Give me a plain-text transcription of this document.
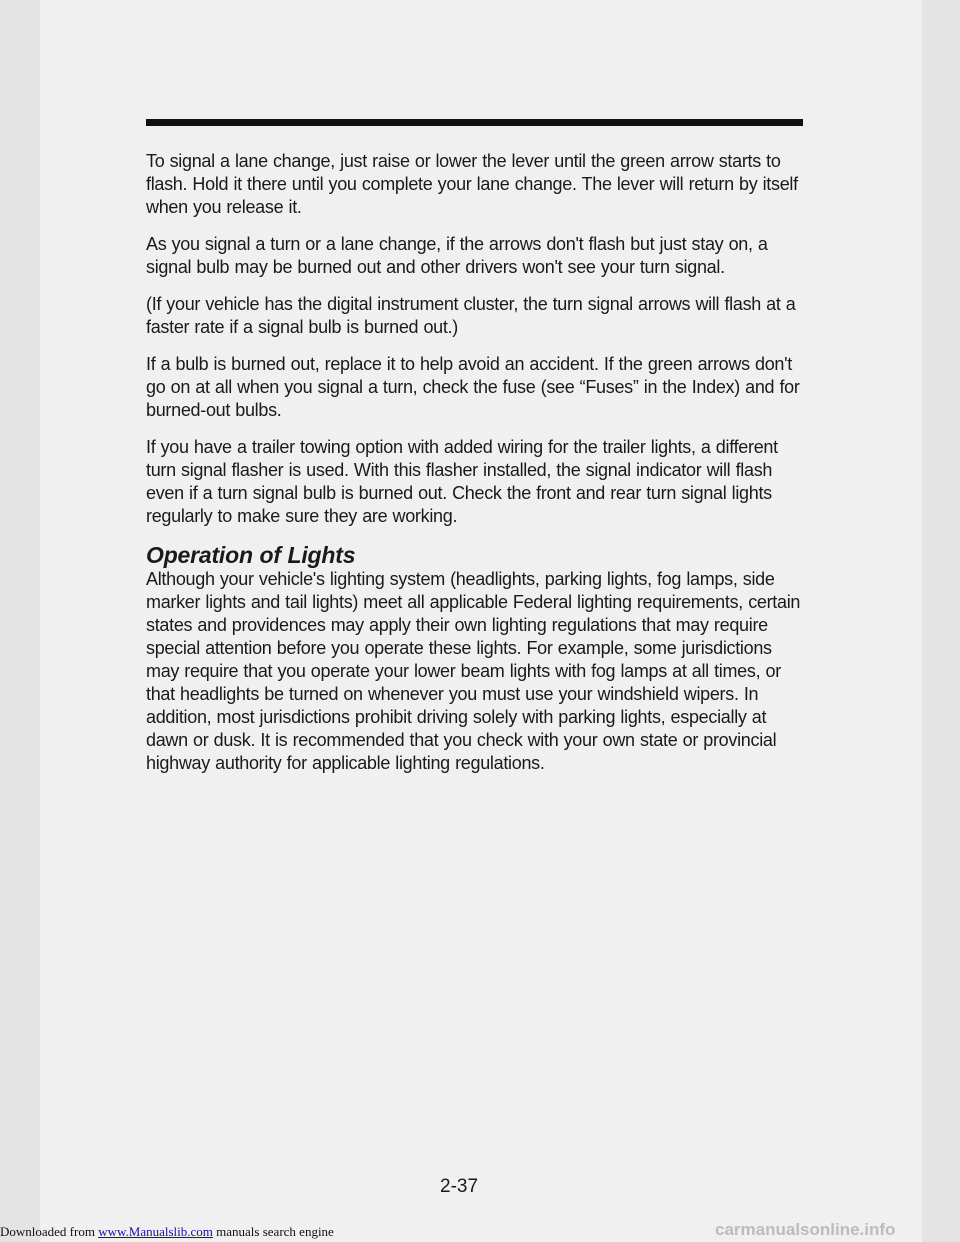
To signal a lane change, just raise or lower the lever until the green arrow starts to flash. Hold it there until you complete your lane change. The lever will return by itself when you release it.

As you signal a turn or a lane change, if the arrows don't flash but just stay on, a signal bulb may be burned out and other drivers won't see your turn signal.

(If your vehicle has the digital instrument cluster, the turn signal arrows will flash at a faster rate if a signal bulb is burned out.)

If a bulb is burned out, replace it to help avoid an accident. If the green arrows don't go on at all when you signal a turn, check the fuse (see “Fuses” in the Index) and for burned-out bulbs.

If you have a trailer towing option with added wiring for the trailer lights, a different turn signal flasher is used. With this flasher installed, the signal indicator will flash even if a turn signal bulb is burned out. Check the front and rear turn signal lights regularly to make sure they are working.

Operation of Lights

Although your vehicle's lighting system (headlights, parking lights, fog lamps, side marker lights and tail lights) meet all applicable Federal lighting requirements, certain states and providences may apply their own lighting regulations that may require special attention before you operate these lights. For example, some jurisdictions may require that you operate your lower beam lights with fog lamps at all times, or that headlights be turned on whenever you must use your windshield wipers. In addition, most jurisdictions prohibit driving solely with parking lights, especially at dawn or dusk. It is recommended that you check with your own state or provincial highway authority for applicable lighting regulations.

2-37
Downloaded from www.Manualslib.com manuals search engine	carmanualsonline.info
